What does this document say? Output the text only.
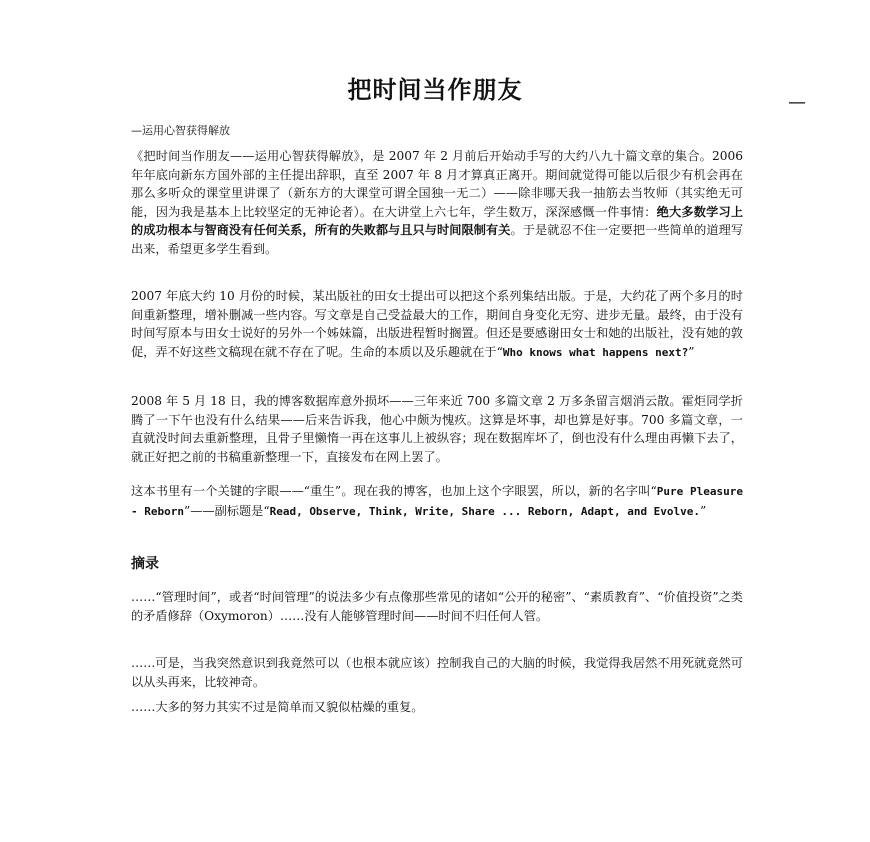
把时间当作朋友	—
—运用心智获得解放

《把时间当作朋友——运用心智获得解放》，是 2007 年 2 月前后开始动手写的大约八九十篇文章的集合。2006 年年底向新东方国外部的主任提出辞职，直至 2007 年 8 月才算真正离开。期间就觉得可能以后很少有机会再在那么多听众的课堂里讲课了（新东方的大课堂可谓全国独一无二）——除非哪天我一抽筋去当牧师（其实绝无可能，因为我是基本上比较坚定的无神论者）。在大讲堂上六七年，学生数万，深深感慨一件事情：绝大多数学习上的成功根本与智商没有任何关系，所有的失败都与且只与时间限制有关。于是就忍不住一定要把一些简单的道理写出来，希望更多学生看到。

2007 年底大约 10 月份的时候，某出版社的田女士提出可以把这个系列集结出版。于是，大约花了两个多月的时间重新整理，增补删减一些内容。写文章是自己受益最大的工作，期间自身变化无穷、进步无量。最终，由于没有时间写原本与田女士说好的另外一个姊妹篇，出版进程暂时搁置。但还是要感谢田女士和她的出版社，没有她的敦促，弄不好这些文稿现在就不存在了呢。生命的本质以及乐趣就在于“Who knows what happens next?”

2008 年 5 月 18 日，我的博客数据库意外损坏——三年来近 700 多篇文章 2 万多条留言烟消云散。霍炬同学折腾了一下午也没有什么结果——后来告诉我，他心中颇为愧疚。这算是坏事，却也算是好事。700 多篇文章，一直就没时间去重新整理，且骨子里懒惰一再在这事儿上被纵容；现在数据库坏了，倒也没有什么理由再懒下去了，就正好把之前的书稿重新整理一下，直接发布在网上罢了。

这本书里有一个关键的字眼——“重生”。现在我的博客，也加上这个字眼罢，所以，新的名字叫“Pure Pleasure - Reborn”——副标题是“Read, Observe, Think, Write, Share ... Reborn, Adapt, and Evolve.”

摘录

……“管理时间”，或者“时间管理”的说法多少有点像那些常见的诸如“公开的秘密”、“素质教育”、“价值投资”之类的矛盾修辞（Oxymoron）……没有人能够管理时间——时间不归任何人管。

……可是，当我突然意识到我竟然可以（也根本就应该）控制我自己的大脑的时候，我觉得我居然不用死就竟然可以从头再来，比较神奇。

……大多的努力其实不过是简单而又貌似枯燥的重复。
